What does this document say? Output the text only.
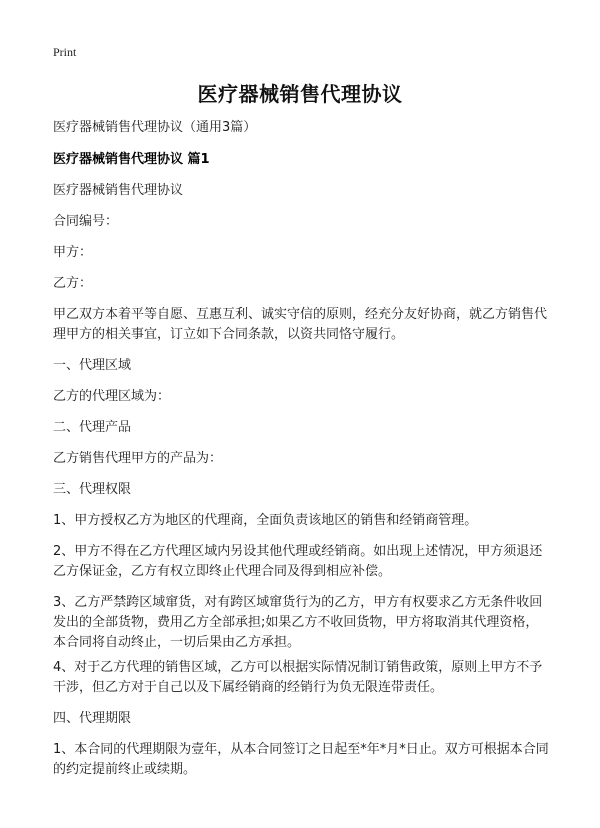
Print
医疗器械销售代理协议

医疗器械销售代理协议（通用3篇）

医疗器械销售代理协议 篇1

医疗器械销售代理协议

合同编号：

甲方：

乙方：

甲乙双方本着平等自愿、互惠互利、诚实守信的原则，经充分友好协商，就乙方销售代理甲方的相关事宜，订立如下合同条款，以资共同恪守履行。

一、代理区域

乙方的代理区域为：

二、代理产品

乙方销售代理甲方的产品为：

三、代理权限

1、甲方授权乙方为地区的代理商，全面负责该地区的销售和经销商管理。

2、甲方不得在乙方代理区域内另设其他代理或经销商。如出现上述情况，甲方须退还乙方保证金，乙方有权立即终止代理合同及得到相应补偿。

3、乙方严禁跨区域窜货，对有跨区域窜货行为的乙方，甲方有权要求乙方无条件收回发出的全部货物，费用乙方全部承担;如果乙方不收回货物，甲方将取消其代理资格，本合同将自动终止，一切后果由乙方承担。

4、对于乙方代理的销售区域，乙方可以根据实际情况制订销售政策，原则上甲方不予干涉，但乙方对于自己以及下属经销商的经销行为负无限连带责任。

四、代理期限

1、本合同的代理期限为壹年，从本合同签订之日起至*年*月*日止。双方可根据本合同的约定提前终止或续期。
